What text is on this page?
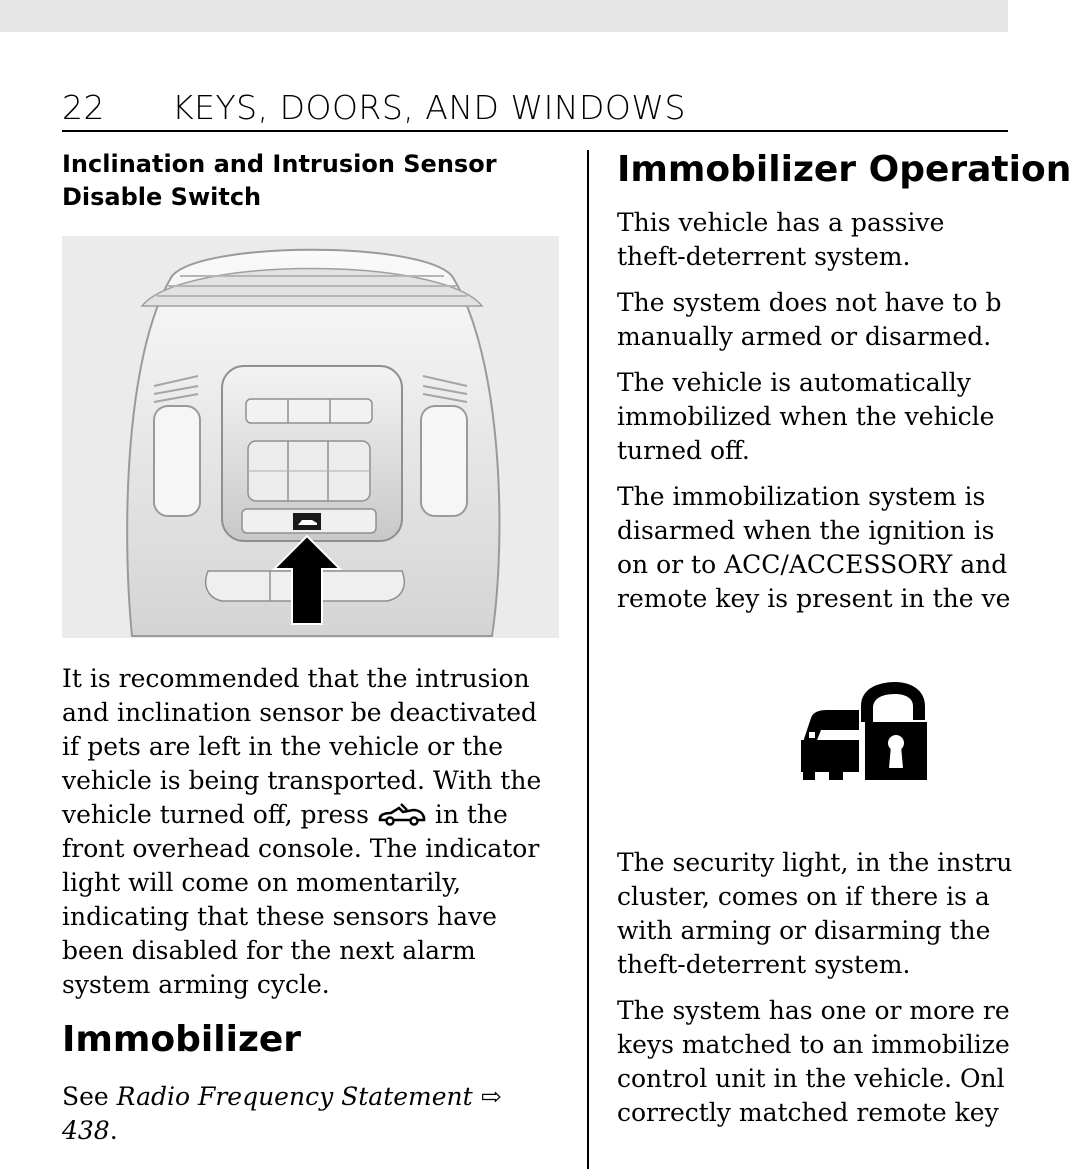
22 KEYS, DOORS, AND WINDOWS
Inclination and Intrusion Sensor
Disable Switch
It is recommended that the intrusion
and inclination sensor be deactivated
if pets are left in the vehicle or the
vehicle is being transported. With the
vehicle turned off, press  in the
front overhead console. The indicator
light will come on momentarily,
indicating that these sensors have
been disabled for the next alarm
system arming cycle.
Immobilizer
See Radio Frequency Statement ⇨ 438.
Immobilizer Operation
This vehicle has a passive
theft-deterrent system.
The system does not have to b
manually armed or disarmed.
The vehicle is automatically
immobilized when the vehicle
turned off.
The immobilization system is
disarmed when the ignition is
on or to ACC/ACCESSORY and
remote key is present in the ve
The security light, in the instru
cluster, comes on if there is a
with arming or disarming the
theft-deterrent system.
The system has one or more re
keys matched to an immobilize
control unit in the vehicle. Onl
correctly matched remote key
